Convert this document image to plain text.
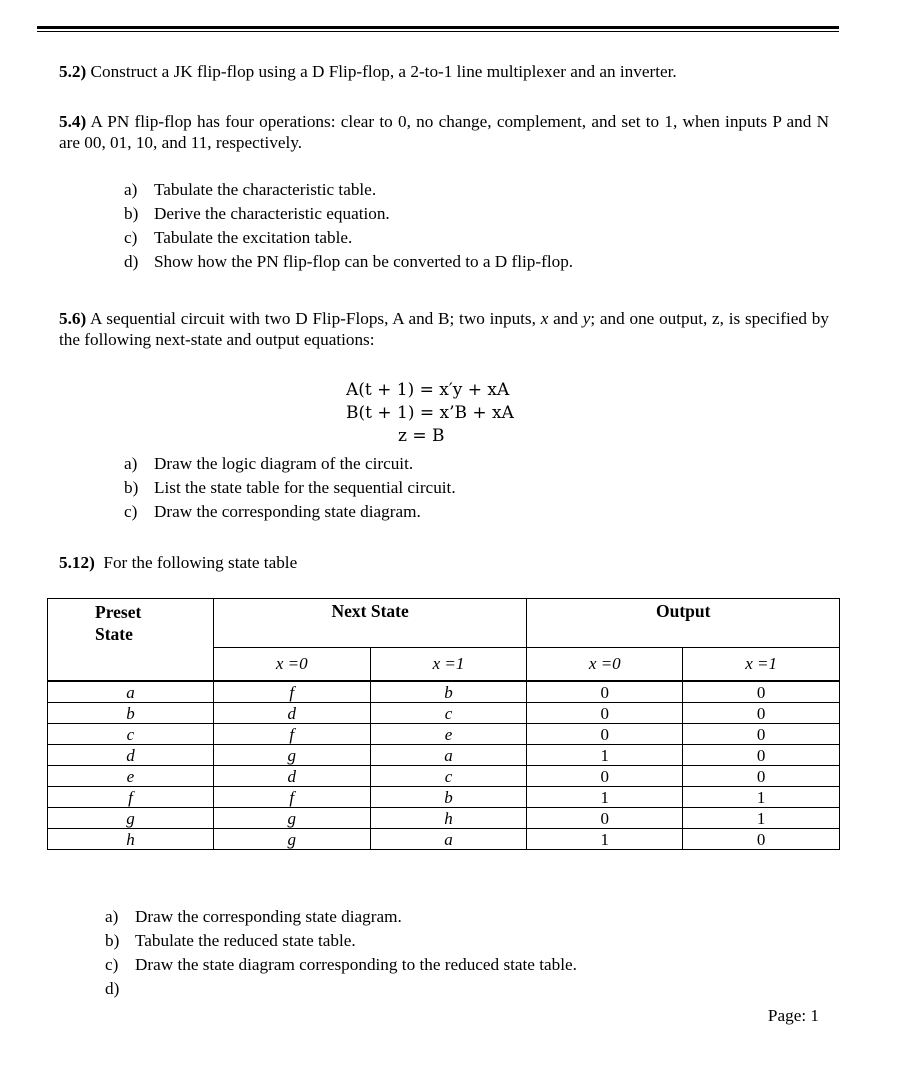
5.2) Construct a JK flip-flop using a D Flip-flop, a 2-to-1 line multiplexer and an inverter.

5.4) A PN flip-flop has four operations: clear to 0, no change, complement, and set to 1, when inputs P and N are 00, 01, 10, and 11, respectively.

a) Tabulate the characteristic table.
b) Derive the characteristic equation.
c) Tabulate the excitation table.
d) Show how the PN flip-flop can be converted to a D flip-flop.

5.6) A sequential circuit with two D Flip-Flops, A and B; two inputs, x and y; and one output, z, is specified by the following next-state and output equations:

A(t + 1) = x′y + xA
B(t + 1) = x’B + xA
z = B
a) Draw the logic diagram of the circuit.
b) List the state table for the sequential circuit.
c) Draw the corresponding state diagram.

5.12)  For the following state table

Preset
State	Next State		Output	
	x =0	x =1	x =0	x =1
a	f	b	0	0
b	d	c	0	0
c	f	e	0	0
d	g	a	1	0
e	d	c	0	0
f	f	b	1	1
g	g	h	0	1
h	g	a	1	0
a) Draw the corresponding state diagram.
b) Tabulate the reduced state table.
c) Draw the state diagram corresponding to the reduced state table.
d)
Page: 1
